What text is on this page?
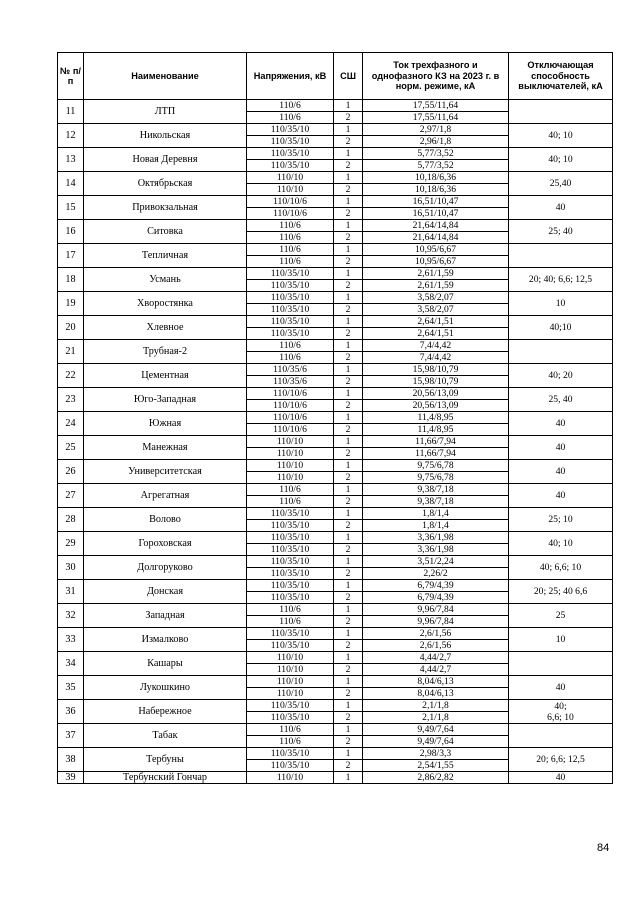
№ п/п	Наименование	Напряжения, кВ	СШ	Ток трехфазного и однофазного КЗ на 2023 г. в норм. режиме, кА	Отключающая способность выключателей, кА
11	ЛТП	110/6	1	17,55/11,64	
		110/6	2	17,55/11,64	
12	Никольская	110/35/10	1	2,97/1,8	40; 10
		110/35/10	2	2,96/1,8	
13	Новая Деревня	110/35/10	1	5,77/3,52	40; 10
		110/35/10	2	5,77/3,52	
14	Октябрьская	110/10	1	10,18/6,36	25,40
		110/10	2	10,18/6,36	
15	Привокзальная	110/10/6	1	16,51/10,47	40
		110/10/6	2	16,51/10,47	
16	Ситовка	110/6	1	21,64/14,84	25; 40
		110/6	2	21,64/14,84	
17	Тепличная	110/6	1	10,95/6,67	
		110/6	2	10,95/6,67	
18	Усмань	110/35/10	1	2,61/1,59	20; 40; 6,6; 12,5
		110/35/10	2	2,61/1,59	
19	Хворостянка	110/35/10	1	3,58/2,07	10
		110/35/10	2	3,58/2,07	
20	Хлевное	110/35/10	1	2,64/1,51	40;10
		110/35/10	2	2,64/1,51	
21	Трубная-2	110/6	1	7,4/4,42	
		110/6	2	7,4/4,42	
22	Цементная	110/35/6	1	15,98/10,79	40; 20
		110/35/6	2	15,98/10,79	
23	Юго-Западная	110/10/6	1	20,56/13,09	25, 40
		110/10/6	2	20,56/13,09	
24	Южная	110/10/6	1	11,4/8,95	40
		110/10/6	2	11,4/8,95	
25	Манежная	110/10	1	11,66/7,94	40
		110/10	2	11,66/7,94	
26	Университетская	110/10	1	9,75/6,78	40
		110/10	2	9,75/6,78	
27	Агрегатная	110/6	1	9,38/7,18	40
		110/6	2	9,38/7,18	
28	Волово	110/35/10	1	1,8/1,4	25; 10
		110/35/10	2	1,8/1,4	
29	Гороховская	110/35/10	1	3,36/1,98	40; 10
		110/35/10	2	3,36/1,98	
30	Долгоруково	110/35/10	1	3,51/2,24	40; 6,6; 10
		110/35/10	2	2,26/2	
31	Донская	110/35/10	1	6,79/4,39	20; 25; 40 6,6
		110/35/10	2	6,79/4,39	
32	Западная	110/6	1	9,96/7,84	25
		110/6	2	9,96/7,84	
33	Измалково	110/35/10	1	2,6/1,56	10
		110/35/10	2	2,6/1,56	
34	Кашары	110/10	1	4,44/2,7	
		110/10	2	4,44/2,7	
35	Лукошкино	110/10	1	8,04/6,13	40
		110/10	2	8,04/6,13	
36	Набережное	110/35/10	1	2,1/1,8	40;
6,6; 10
		110/35/10	2	2,1/1,8	
37	Табак	110/6	1	9,49/7,64	
		110/6	2	9,49/7,64	
38	Тербуны	110/35/10	1	2,98/3,3	20; 6,6; 12,5
		110/35/10	2	2,54/1,55	
39	Тербунский Гончар	110/10	1	2,86/2,82	40
84
